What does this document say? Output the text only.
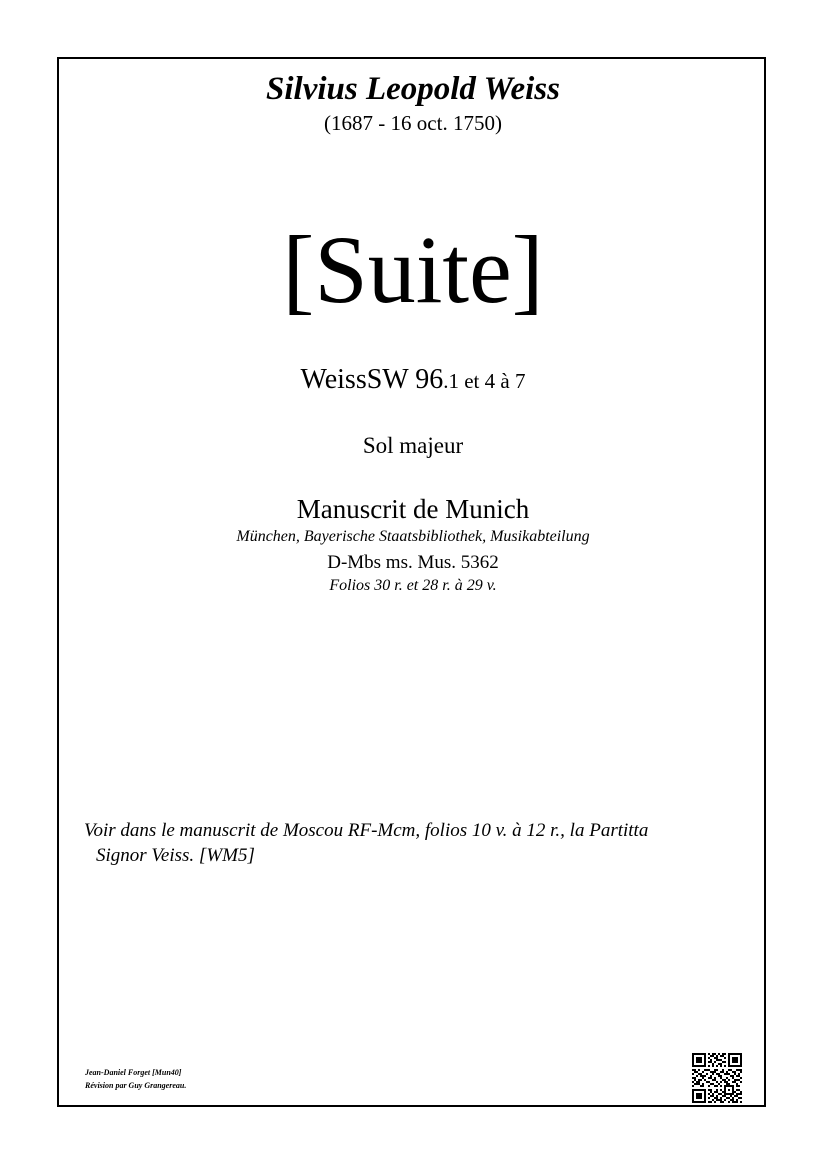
Silvius Leopold Weiss
(1687 - 16 oct. 1750)
[Suite]
WeissSW 96.1 et 4 à 7
Sol majeur
Manuscrit de Munich
München, Bayerische Staatsbibliothek, Musikabteilung
D-Mbs ms. Mus. 5362
Folios 30 r. et 28 r. à 29 v.
Voir dans le manuscrit de Moscou RF-Mcm, folios 10 v. à 12 r., la Partitta
Signor Veiss. [WM5]
Jean-Daniel Forget [Mun40]
Révision par Guy Grangereau.
